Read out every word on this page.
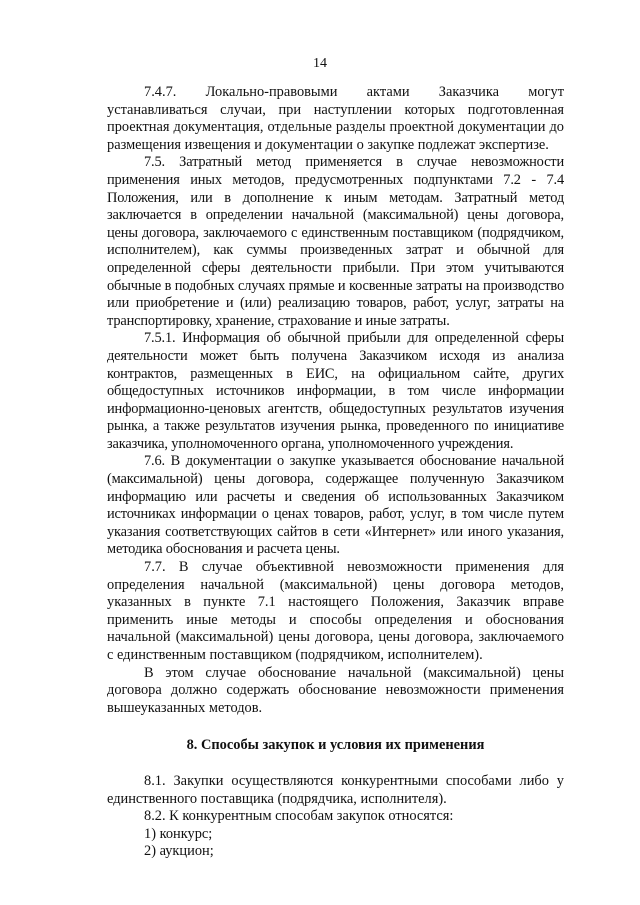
14

7.4.7. Локально-правовыми актами Заказчика могут устанавливаться случаи, при наступлении которых подготовленная проектная документация, отдельные разделы проектной документации до размещения извещения и документации о закупке подлежат экспертизе.

7.5. Затратный метод применяется в случае невозможности применения иных методов, предусмотренных подпунктами 7.2 - 7.4 Положения, или в дополнение к иным методам. Затратный метод заключается в определении начальной (максимальной) цены договора, цены договора, заключаемого с единственным поставщиком (подрядчиком, исполнителем), как суммы произведенных затрат и обычной для определенной сферы деятельности прибыли. При этом учитываются обычные в подобных случаях прямые и косвенные затраты на производство или приобретение и (или) реализацию товаров, работ, услуг, затраты на транспортировку, хранение, страхование и иные затраты.

7.5.1. Информация об обычной прибыли для определенной сферы деятельности может быть получена Заказчиком исходя из анализа контрактов, размещенных в ЕИС, на официальном сайте, других общедоступных источников информации, в том числе информации информационно-ценовых агентств, общедоступных результатов изучения рынка, а также результатов изучения рынка, проведенного по инициативе заказчика, уполномоченного органа, уполномоченного учреждения.

7.6. В документации о закупке указывается обоснование начальной (максимальной) цены договора, содержащее полученную Заказчиком информацию или расчеты и сведения об использованных Заказчиком источниках информации о ценах товаров, работ, услуг, в том числе путем указания соответствующих сайтов в сети «Интернет» или иного указания, методика обоснования и расчета цены.

7.7. В случае объективной невозможности применения для определения начальной (максимальной) цены договора методов, указанных в пункте 7.1 настоящего Положения, Заказчик вправе применить иные методы и способы определения и обоснования начальной (максимальной) цены договора, цены договора, заключаемого с единственным поставщиком (подрядчиком, исполнителем).

В этом случае обоснование начальной (максимальной) цены договора должно содержать обоснование невозможности применения вышеуказанных методов.

8. Способы закупок и условия их применения

8.1. Закупки осуществляются конкурентными способами либо у единственного поставщика (подрядчика, исполнителя).

8.2. К конкурентным способам закупок относятся:

1) конкурс;

2) аукцион;
